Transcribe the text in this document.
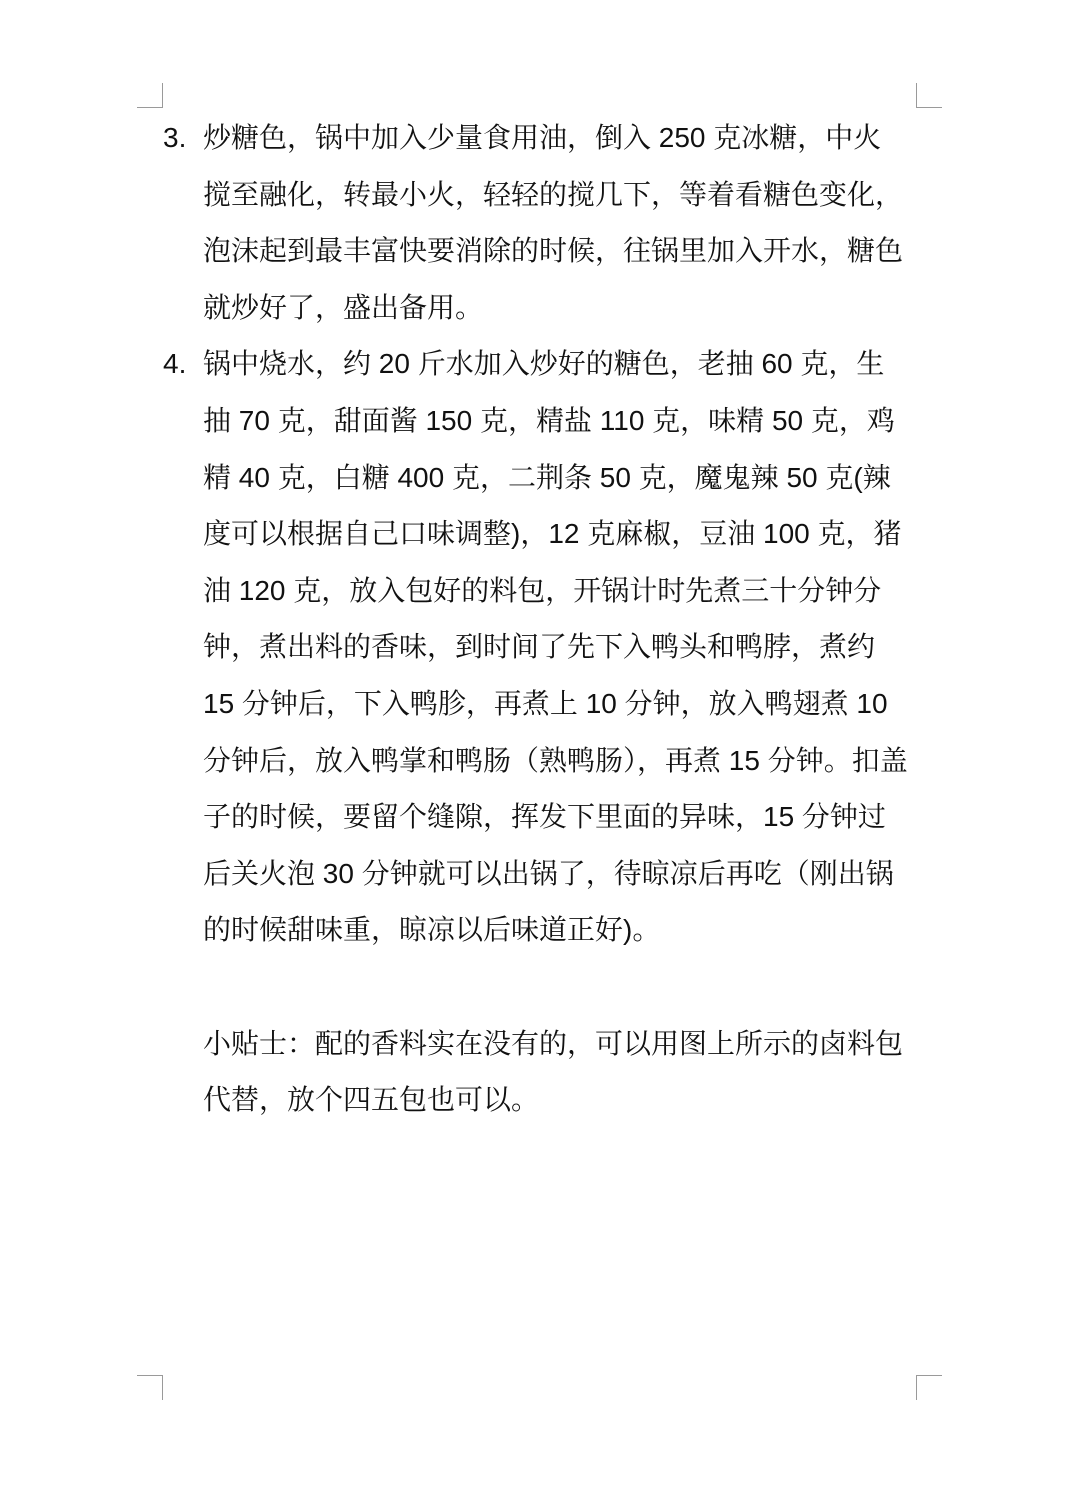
3. 炒糖色，锅中加入少量食用油，倒入 250 克冰糖，中火
搅至融化，转最小火，轻轻的搅几下，等着看糖色变化，
泡沫起到最丰富快要消除的时候，往锅里加入开水，糖色
就炒好了，盛出备用。
4. 锅中烧水，约 20 斤水加入炒好的糖色，老抽 60 克，生
抽 70 克，甜面酱 150 克，精盐 110 克，味精 50 克，鸡
精 40 克，白糖 400 克，二荆条 50 克，魔鬼辣 50 克(辣
度可以根据自己口味调整)，12 克麻椒，豆油 100 克，猪
油 120 克，放入包好的料包，开锅计时先煮三十分钟分
钟，煮出料的香味，到时间了先下入鸭头和鸭脖，煮约
15 分钟后，下入鸭胗，再煮上 10 分钟，放入鸭翅煮 10
分钟后，放入鸭掌和鸭肠（熟鸭肠），再煮 15 分钟。扣盖
子的时候，要留个缝隙，挥发下里面的异味，15 分钟过
后关火泡 30 分钟就可以出锅了，待晾凉后再吃（刚出锅
的时候甜味重，晾凉以后味道正好)。
小贴士：配的香料实在没有的，可以用图上所示的卤料包
代替，放个四五包也可以。
